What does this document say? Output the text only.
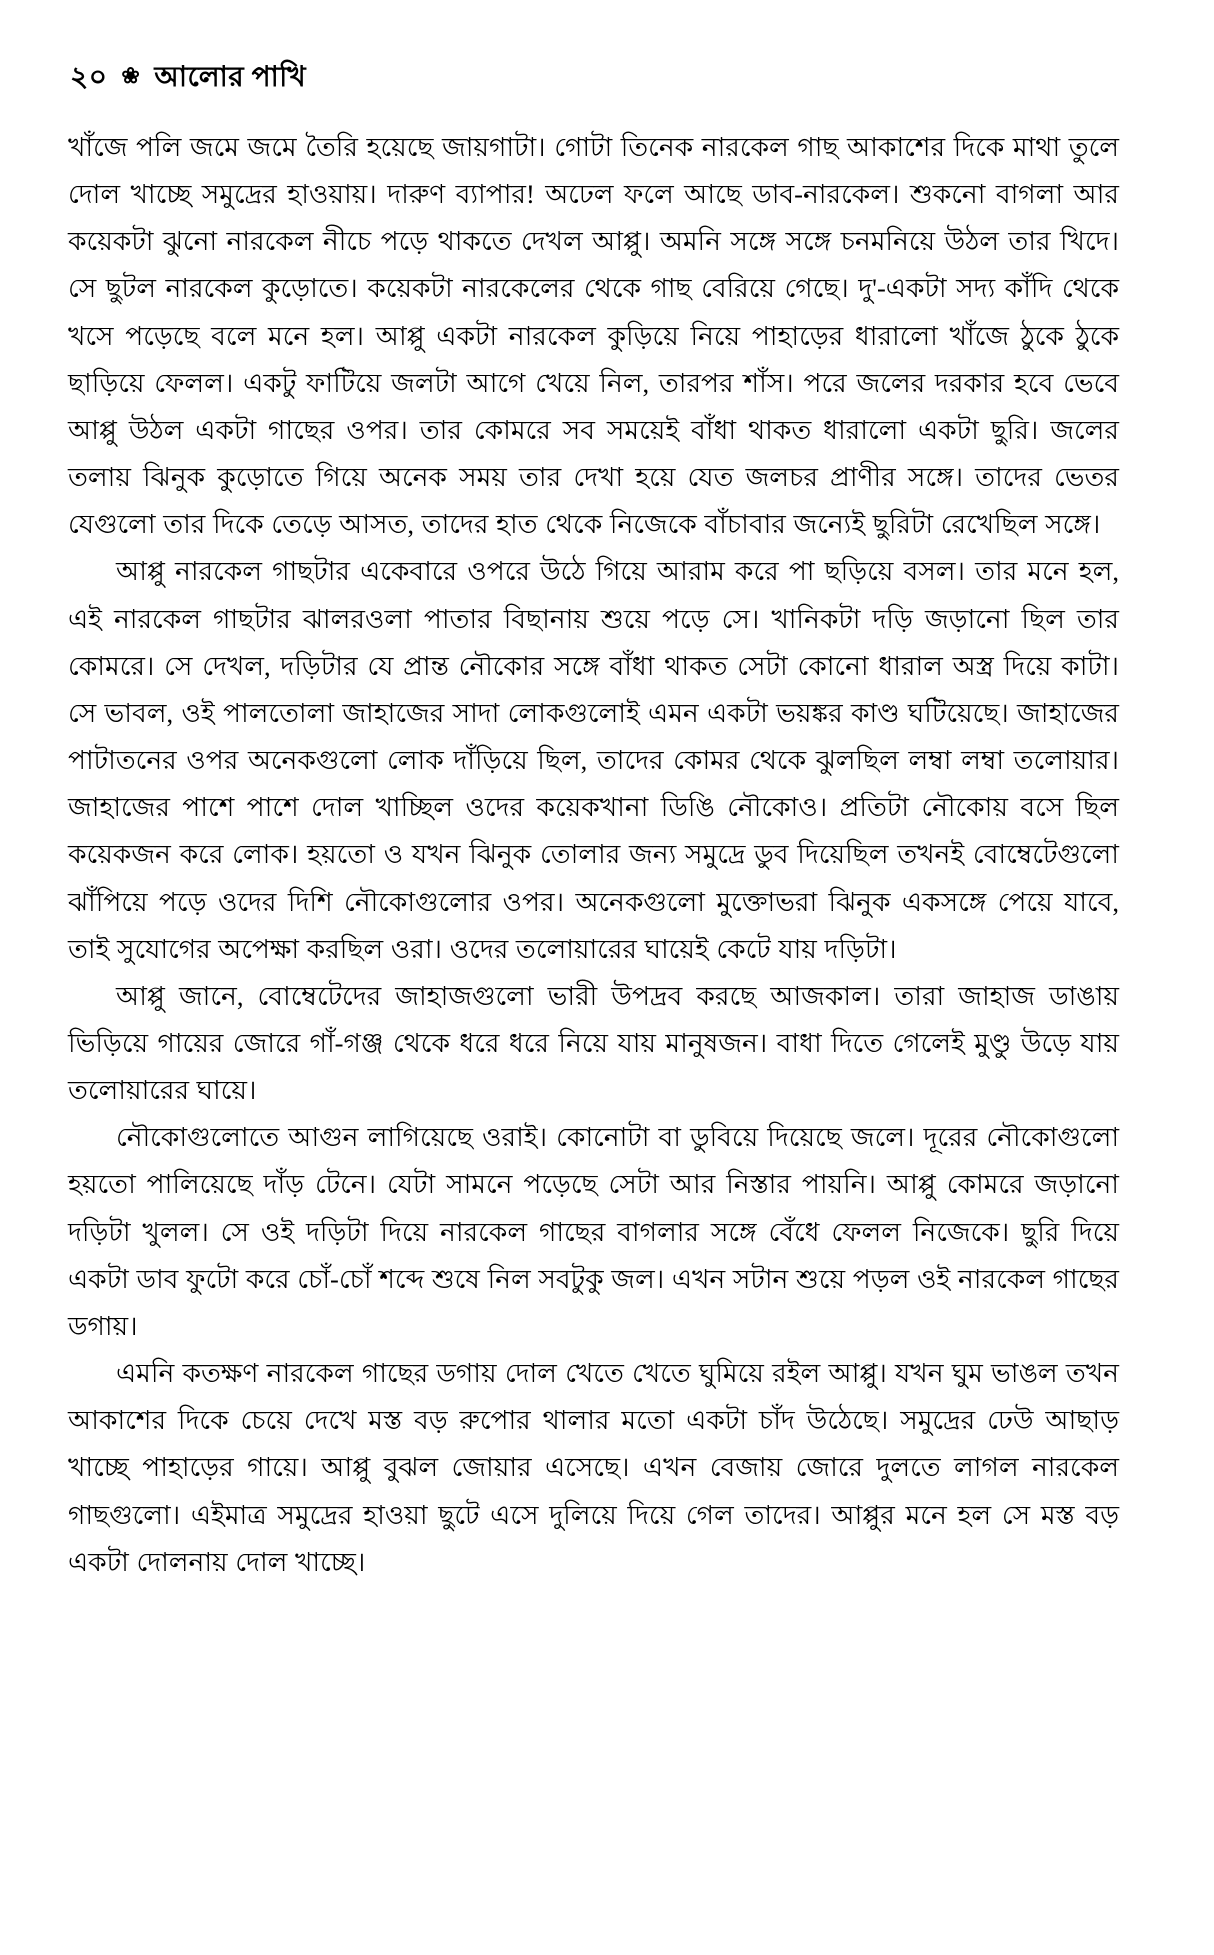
২০ ❀ আলোর পাখি

খাঁজে পলি জমে জমে তৈরি হয়েছে জায়গাটা। গোটা তিনেক নারকেল গাছ আকাশের দিকে মাথা তুলে দোল খাচ্ছে সমুদ্রের হাওয়ায়। দারুণ ব্যাপার! অঢেল ফলে আছে ডাব-নারকেল। শুকনো বাগলা আর কয়েকটা ঝুনো নারকেল নীচে পড়ে থাকতে দেখল আপ্পু। অমনি সঙ্গে সঙ্গে চনমনিয়ে উঠল তার খিদে। সে ছুটল নারকেল কুড়োতে। কয়েকটা নারকেলের থেকে গাছ বেরিয়ে গেছে। দু'-একটা সদ্য কাঁদি থেকে খসে পড়েছে বলে মনে হল। আপ্পু একটা নারকেল কুড়িয়ে নিয়ে পাহাড়ের ধারালো খাঁজে ঠুকে ঠুকে ছাড়িয়ে ফেলল। একটু ফাটিয়ে জলটা আগে খেয়ে নিল, তারপর শাঁস। পরে জলের দরকার হবে ভেবে আপ্পু উঠল একটা গাছের ওপর। তার কোমরে সব সময়েই বাঁধা থাকত ধারালো একটা ছুরি। জলের তলায় ঝিনুক কুড়োতে গিয়ে অনেক সময় তার দেখা হয়ে যেত জলচর প্রাণীর সঙ্গে। তাদের ভেতর যেগুলো তার দিকে তেড়ে আসত, তাদের হাত থেকে নিজেকে বাঁচাবার জন্যেই ছুরিটা রেখেছিল সঙ্গে।

আপ্পু নারকেল গাছটার একেবারে ওপরে উঠে গিয়ে আরাম করে পা ছড়িয়ে বসল। তার মনে হল, এই নারকেল গাছটার ঝালরওলা পাতার বিছানায় শুয়ে পড়ে সে। খানিকটা দড়ি জড়ানো ছিল তার কোমরে। সে দেখল, দড়িটার যে প্রান্ত নৌকোর সঙ্গে বাঁধা থাকত সেটা কোনো ধারাল অস্ত্র দিয়ে কাটা। সে ভাবল, ওই পালতোলা জাহাজের সাদা লোকগুলোই এমন একটা ভয়ঙ্কর কাণ্ড ঘটিয়েছে। জাহাজের পাটাতনের ওপর অনেকগুলো লোক দাঁড়িয়ে ছিল, তাদের কোমর থেকে ঝুলছিল লম্বা লম্বা তলোয়ার। জাহাজের পাশে পাশে দোল খাচ্ছিল ওদের কয়েকখানা ডিঙি নৌকোও। প্রতিটা নৌকোয় বসে ছিল কয়েকজন করে লোক। হয়তো ও যখন ঝিনুক তোলার জন্য সমুদ্রে ডুব দিয়েছিল তখনই বোম্বেটেগুলো ঝাঁপিয়ে পড়ে ওদের দিশি নৌকোগুলোর ওপর। অনেকগুলো মুক্তোভরা ঝিনুক একসঙ্গে পেয়ে যাবে, তাই সুযোগের অপেক্ষা করছিল ওরা। ওদের তলোয়ারের ঘায়েই কেটে যায় দড়িটা।

আপ্পু জানে, বোম্বেটেদের জাহাজগুলো ভারী উপদ্রব করছে আজকাল। তারা জাহাজ ডাঙায় ভিড়িয়ে গায়ের জোরে গাঁ-গঞ্জ থেকে ধরে ধরে নিয়ে যায় মানুষজন। বাধা দিতে গেলেই মুণ্ডু উড়ে যায় তলোয়ারের ঘায়ে।

নৌকোগুলোতে আগুন লাগিয়েছে ওরাই। কোনোটা বা ডুবিয়ে দিয়েছে জলে। দূরের নৌকোগুলো হয়তো পালিয়েছে দাঁড় টেনে। যেটা সামনে পড়েছে সেটা আর নিস্তার পায়নি। আপ্পু কোমরে জড়ানো দড়িটা খুলল। সে ওই দড়িটা দিয়ে নারকেল গাছের বাগলার সঙ্গে বেঁধে ফেলল নিজেকে। ছুরি দিয়ে একটা ডাব ফুটো করে চোঁ-চোঁ শব্দে শুষে নিল সবটুকু জল। এখন সটান শুয়ে পড়ল ওই নারকেল গাছের ডগায়।

এমনি কতক্ষণ নারকেল গাছের ডগায় দোল খেতে খেতে ঘুমিয়ে রইল আপ্পু। যখন ঘুম ভাঙল তখন আকাশের দিকে চেয়ে দেখে মস্ত বড় রুপোর থালার মতো একটা চাঁদ উঠেছে। সমুদ্রের ঢেউ আছাড় খাচ্ছে পাহাড়ের গায়ে। আপ্পু বুঝল জোয়ার এসেছে। এখন বেজায় জোরে দুলতে লাগল নারকেল গাছগুলো। এইমাত্র সমুদ্রের হাওয়া ছুটে এসে দুলিয়ে দিয়ে গেল তাদের। আপ্পুর মনে হল সে মস্ত বড় একটা দোলনায় দোল খাচ্ছে।
